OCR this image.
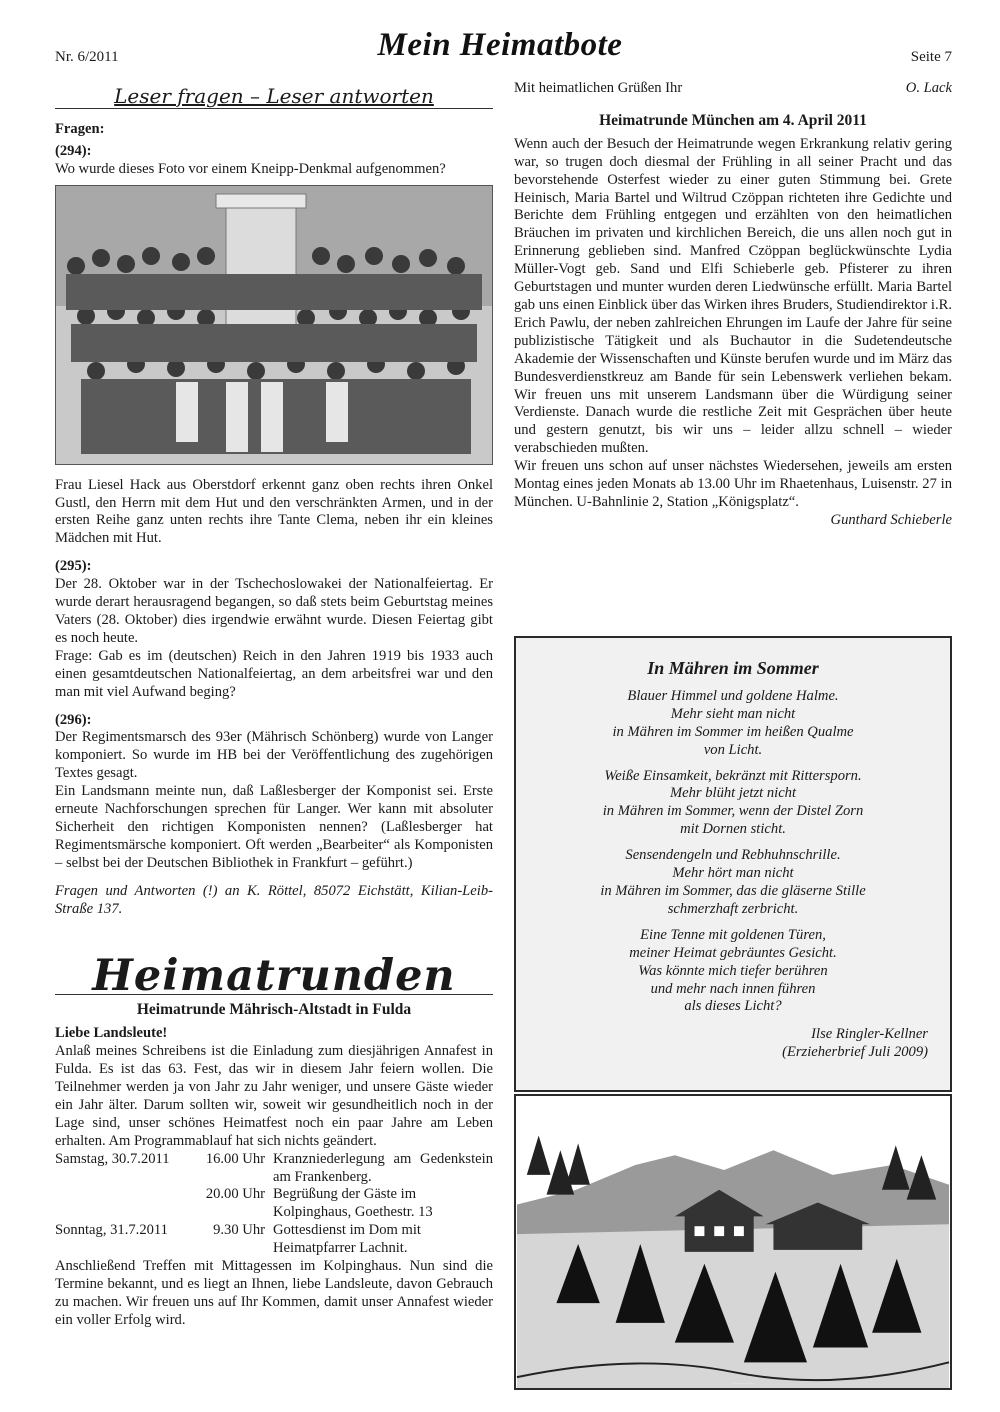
Nr. 6/2011	Mein Heimatbote	Seite 7
Leser fragen – Leser antworten

Fragen:

(294):

Wo wurde dieses Foto vor einem Kneipp-Denkmal aufgenommen?

Frau Liesel Hack aus Oberstdorf erkennt ganz oben rechts ihren Onkel Gustl, den Herrn mit dem Hut und den verschränkten Armen, und in der ersten Reihe ganz unten rechts ihre Tante Clema, neben ihr ein kleines Mädchen mit Hut.

(295):

Der 28. Oktober war in der Tschechoslowakei der Nationalfeiertag. Er wurde derart herausragend begangen, so daß stets beim Geburtstag meines Vaters (28. Oktober) dies irgendwie erwähnt wurde. Diesen Feiertag gibt es noch heute.

Frage: Gab es im (deutschen) Reich in den Jahren 1919 bis 1933 auch einen gesamtdeutschen Nationalfeiertag, an dem arbeitsfrei war und den man mit viel Aufwand beging?

(296):

Der Regimentsmarsch des 93er (Mährisch Schönberg) wurde von Langer komponiert. So wurde im HB bei der Veröffentlichung des zugehörigen Textes gesagt.

Ein Landsmann meinte nun, daß Laßlesberger der Komponist sei. Erste erneute Nachforschungen sprechen für Langer. Wer kann mit absoluter Sicherheit den richtigen Komponisten nennen? (Laßlesberger hat Regimentsmärsche komponiert. Oft werden „Bearbeiter“ als Komponisten – selbst bei der Deutschen Bibliothek in Frankfurt – geführt.)

Fragen und Antworten (!) an K. Röttel, 85072 Eichstätt, Kilian-Leib-Straße 137.

Heimatrunden
Heimatrunde Mährisch-Altstadt in Fulda

Liebe Landsleute!

Anlaß meines Schreibens ist die Einladung zum diesjährigen Annafest in Fulda. Es ist das 63. Fest, das wir in diesem Jahr feiern wollen. Die Teilnehmer werden ja von Jahr zu Jahr weniger, und unsere Gäste wieder ein Jahr älter. Darum sollten wir, soweit wir gesundheitlich noch in der Lage sind, unser schönes Heimatfest noch ein paar Jahre am Leben erhalten. Am Programmablauf hat sich nichts geändert.

Samstag, 30.7.2011	16.00 Uhr	Kranzniederlegung am Gedenkstein am Frankenberg.
	20.00 Uhr	Begrüßung der Gäste im Kolpinghaus, Goethestr. 13
Sonntag, 31.7.2011	9.30 Uhr	Gottesdienst im Dom mit Heimatpfarrer Lachnit.

Anschließend Treffen mit Mittagessen im Kolpinghaus. Nun sind die Termine bekannt, und es liegt an Ihnen, liebe Landsleute, davon Gebrauch zu machen. Wir freuen uns auf Ihr Kommen, damit unser Annafest wieder ein voller Erfolg wird.

Mit heimatlichen Grüßen Ihr	O. Lack
Heimatrunde München am 4. April 2011

Wenn auch der Besuch der Heimatrunde wegen Erkrankung relativ gering war, so trugen doch diesmal der Frühling in all seiner Pracht und das bevorstehende Osterfest wieder zu einer guten Stimmung bei. Grete Heinisch, Maria Bartel und Wiltrud Czöppan richteten ihre Gedichte und Berichte dem Frühling entgegen und erzählten von den heimatlichen Bräuchen im privaten und kirchlichen Bereich, die uns allen noch gut in Erinnerung geblieben sind. Manfred Czöppan beglückwünschte Lydia Müller-Vogt geb. Sand und Elfi Schieberle geb. Pfisterer zu ihren Geburtstagen und munter wurden deren Liedwünsche erfüllt. Maria Bartel gab uns einen Einblick über das Wirken ihres Bruders, Studiendirektor i.R. Erich Pawlu, der neben zahlreichen Ehrungen im Laufe der Jahre für seine publizistische Tätigkeit und als Buchautor in die Sudetendeutsche Akademie der Wissenschaften und Künste berufen wurde und im März das Bundesverdienstkreuz am Bande für sein Lebenswerk verliehen bekam. Wir freuen uns mit unserem Landsmann über die Würdigung seiner Verdienste. Danach wurde die restliche Zeit mit Gesprächen über heute und gestern genutzt, bis wir uns – leider allzu schnell – wieder verabschieden mußten.

Wir freuen uns schon auf unser nächstes Wiedersehen, jeweils am ersten Montag eines jeden Monats ab 13.00 Uhr im Rhaetenhaus, Luisenstr. 27 in München. U-Bahnlinie 2, Station „Königsplatz“.

Gunthard Schieberle

In Mähren im Sommer
Blauer Himmel und goldene Halme.
Mehr sieht man nicht
in Mähren im Sommer im heißen Qualme
von Licht.
Weiße Einsamkeit, bekränzt mit Rittersporn.
Mehr blüht jetzt nicht
in Mähren im Sommer, wenn der Distel Zorn
mit Dornen sticht.
Sensendengeln und Rebhuhnschrille.
Mehr hört man nicht
in Mähren im Sommer, das die gläserne Stille
schmerzhaft zerbricht.
Eine Tenne mit goldenen Türen,
meiner Heimat gebräuntes Gesicht.
Was könnte mich tiefer berühren
und mehr nach innen führen
als dieses Licht?
Ilse Ringler-Kellner
(Erzieherbrief Juli 2009)
Zeichnung: Bauernhof mit Getreidegarben und Bergen
